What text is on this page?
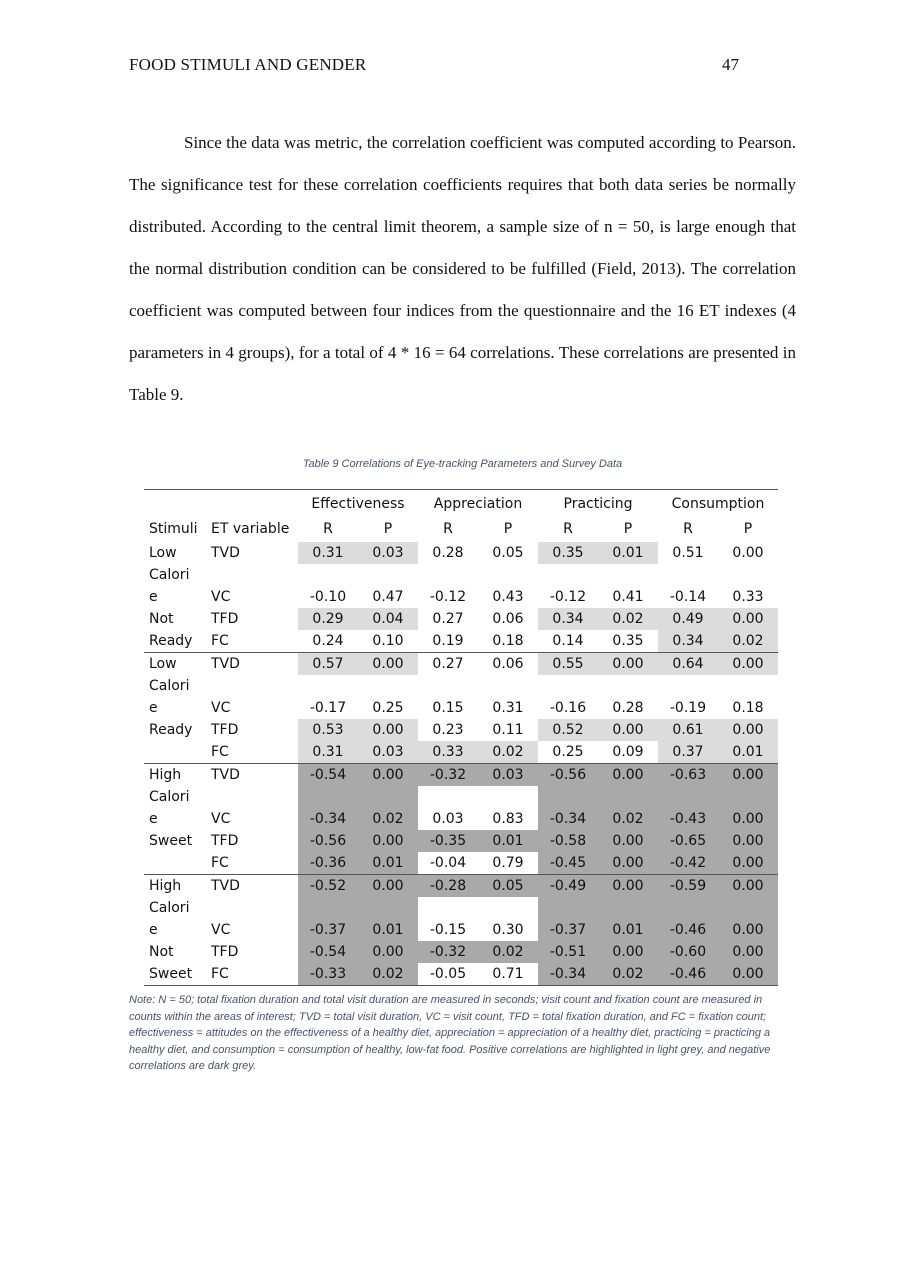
FOOD STIMULI AND GENDER	47

Since the data was metric, the correlation coefficient was computed according to Pearson. The significance test for these correlation coefficients requires that both data series be normally distributed. According to the central limit theorem, a sample size of n = 50, is large enough that the normal distribution condition can be considered to be fulfilled (Field, 2013). The correlation coefficient was computed between four indices from the questionnaire and the 16 ET indexes (4 parameters in 4 groups), for a total of 4 * 16 = 64 correlations. These correlations are presented in Table 9.

Table 9 Correlations of Eye-tracking Parameters and Survey Data
		Effectiveness		Appreciation		Practicing		Consumption	
Stimuli	ET variable	R	P	R	P	R	P	R	P
Low	TVD	0.31	0.03	0.28	0.05	0.35	0.01	0.51	0.00
Calori									
e	VC	-0.10	0.47	-0.12	0.43	-0.12	0.41	-0.14	0.33
Not	TFD	0.29	0.04	0.27	0.06	0.34	0.02	0.49	0.00
Ready	FC	0.24	0.10	0.19	0.18	0.14	0.35	0.34	0.02
Low	TVD	0.57	0.00	0.27	0.06	0.55	0.00	0.64	0.00
Calori									
e	VC	-0.17	0.25	0.15	0.31	-0.16	0.28	-0.19	0.18
Ready	TFD	0.53	0.00	0.23	0.11	0.52	0.00	0.61	0.00
	FC	0.31	0.03	0.33	0.02	0.25	0.09	0.37	0.01
High	TVD	-0.54	0.00	-0.32	0.03	-0.56	0.00	-0.63	0.00
Calori									
e	VC	-0.34	0.02	0.03	0.83	-0.34	0.02	-0.43	0.00
Sweet	TFD	-0.56	0.00	-0.35	0.01	-0.58	0.00	-0.65	0.00
	FC	-0.36	0.01	-0.04	0.79	-0.45	0.00	-0.42	0.00
High	TVD	-0.52	0.00	-0.28	0.05	-0.49	0.00	-0.59	0.00
Calori									
e	VC	-0.37	0.01	-0.15	0.30	-0.37	0.01	-0.46	0.00
Not	TFD	-0.54	0.00	-0.32	0.02	-0.51	0.00	-0.60	0.00
Sweet	FC	-0.33	0.02	-0.05	0.71	-0.34	0.02	-0.46	0.00
Note: N = 50; total fixation duration and total visit duration are measured in seconds; visit count and fixation count are measured in counts within the areas of interest; TVD = total visit duration, VC = visit count, TFD = total fixation duration, and FC = fixation count; effectiveness = attitudes on the effectiveness of a healthy diet, appreciation = appreciation of a healthy diet, practicing = practicing a healthy diet, and consumption = consumption of healthy, low-fat food. Positive correlations are highlighted in light grey, and negative correlations are dark grey.
